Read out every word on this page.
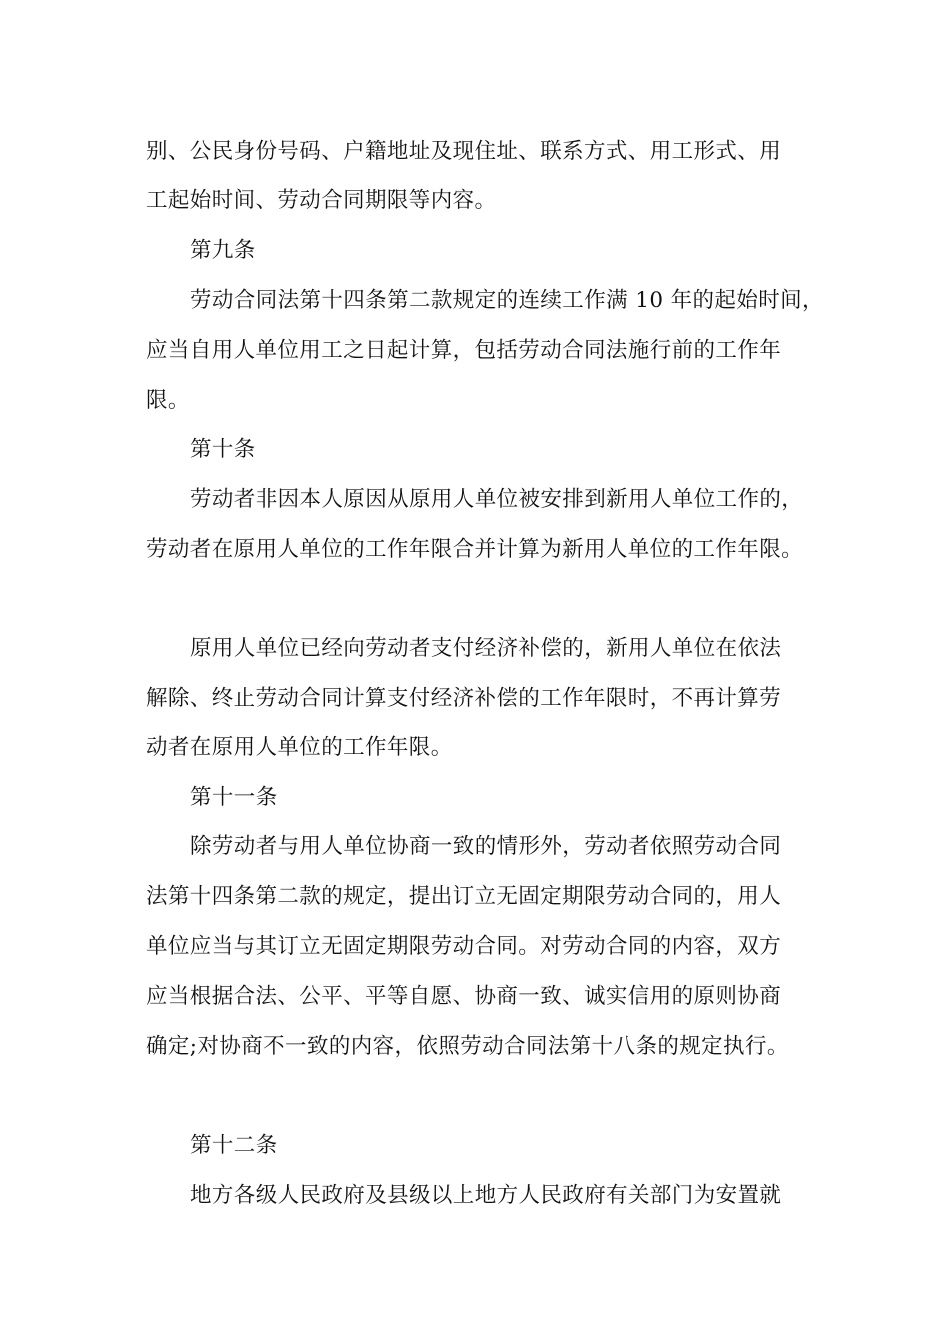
别、公民身份号码、户籍地址及现住址、联系方式、用工形式、用
工起始时间、劳动合同期限等内容。
第九条
劳动合同法第十四条第二款规定的连续工作满 10 年的起始时间，
应当自用人单位用工之日起计算，包括劳动合同法施行前的工作年
限。
第十条
劳动者非因本人原因从原用人单位被安排到新用人单位工作的，
劳动者在原用人单位的工作年限合并计算为新用人单位的工作年限。
原用人单位已经向劳动者支付经济补偿的，新用人单位在依法
解除、终止劳动合同计算支付经济补偿的工作年限时，不再计算劳
动者在原用人单位的工作年限。
第十一条
除劳动者与用人单位协商一致的情形外，劳动者依照劳动合同
法第十四条第二款的规定，提出订立无固定期限劳动合同的，用人
单位应当与其订立无固定期限劳动合同。对劳动合同的内容，双方
应当根据合法、公平、平等自愿、协商一致、诚实信用的原则协商
确定;对协商不一致的内容，依照劳动合同法第十八条的规定执行。
第十二条
地方各级人民政府及县级以上地方人民政府有关部门为安置就
